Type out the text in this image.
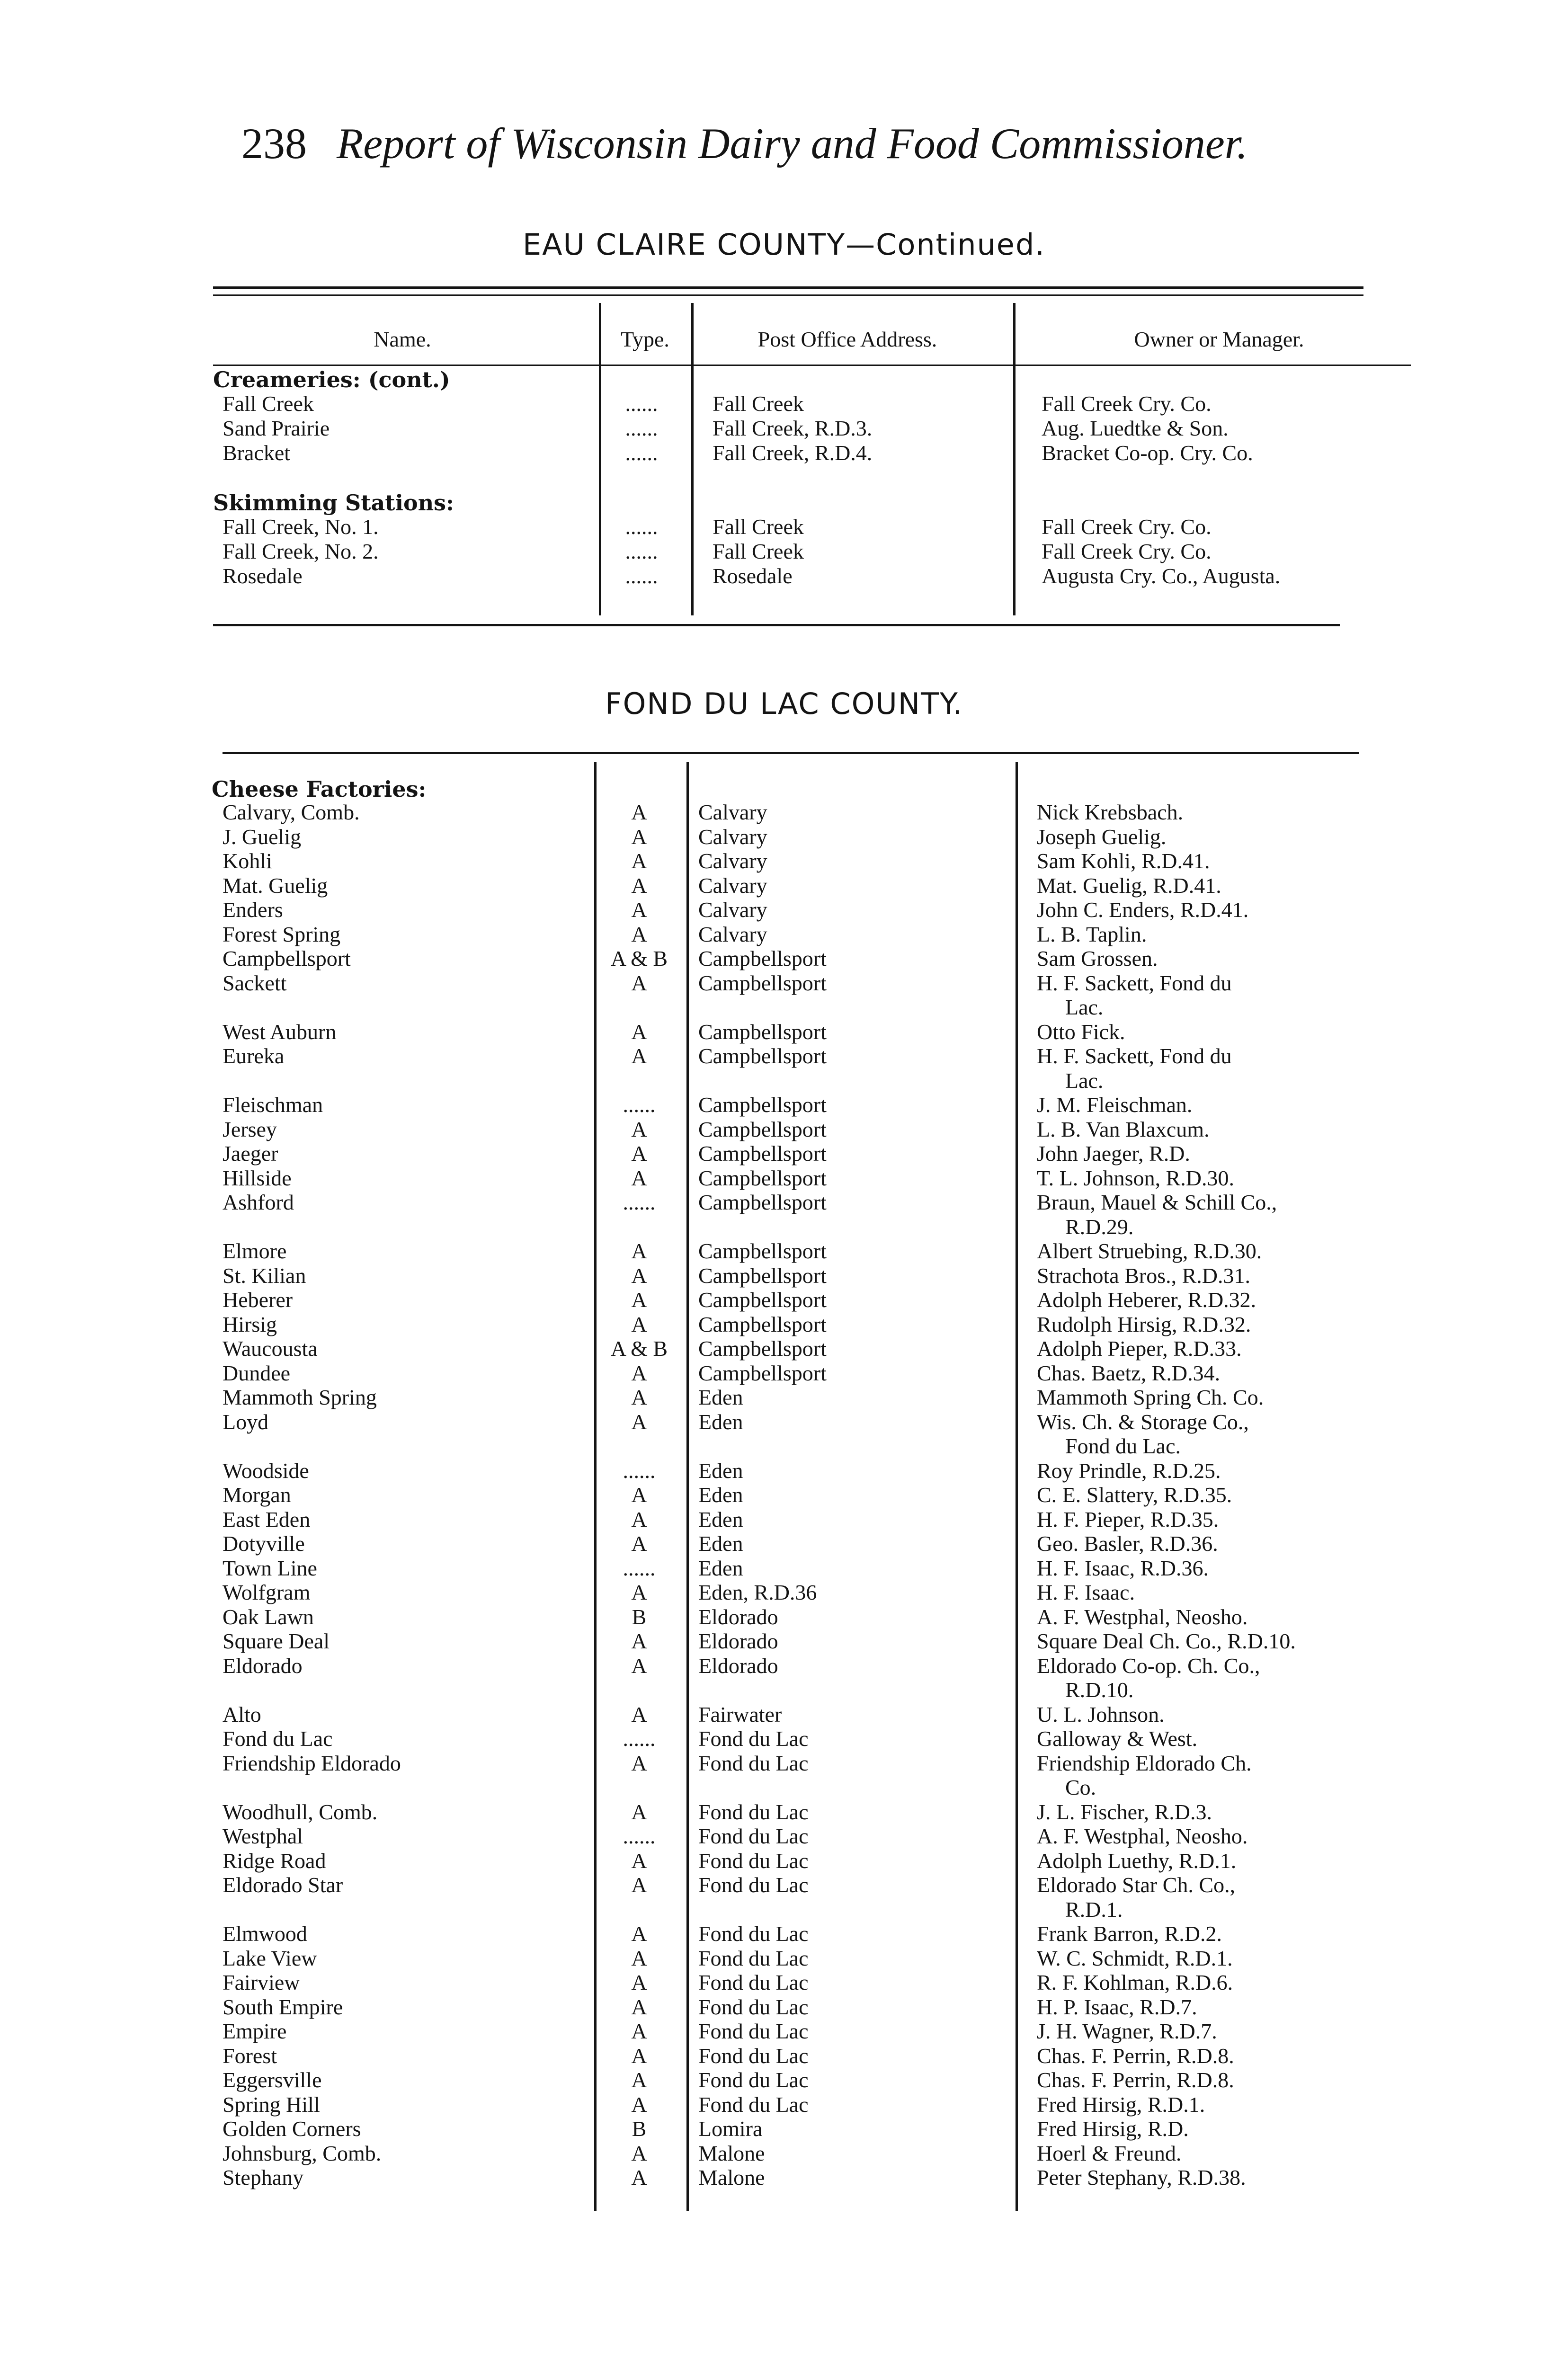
238 Report of Wisconsin Dairy and Food Commissioner.
EAU CLAIRE COUNTY—Continued.
Name.	Type.	Post Office Address.	Owner or Manager.
Creameries: (cont.)
Fall Creek	......	Fall Creek	Fall Creek Cry. Co.
Sand Prairie	......	Fall Creek, R.D.3.	Aug. Luedtke & Son.
Bracket	......	Fall Creek, R.D.4.	Bracket Co-op. Cry. Co.
Skimming Stations:
Fall Creek, No. 1.	......	Fall Creek	Fall Creek Cry. Co.
Fall Creek, No. 2.	......	Fall Creek	Fall Creek Cry. Co.
Rosedale	......	Rosedale	Augusta Cry. Co., Augusta.
FOND DU LAC COUNTY.
Cheese Factories:
Calvary, Comb.	A	Calvary	Nick Krebsbach.
J. Guelig	A	Calvary	Joseph Guelig.
Kohli	A	Calvary	Sam Kohli, R.D.41.
Mat. Guelig	A	Calvary	Mat. Guelig, R.D.41.
Enders	A	Calvary	John C. Enders, R.D.41.
Forest Spring	A	Calvary	L. B. Taplin.
Campbellsport	A & B	Campbellsport	Sam Grossen.
Sackett	A	Campbellsport	H. F. Sackett, Fond du
Lac.
West Auburn	A	Campbellsport	Otto Fick.
Eureka	A	Campbellsport	H. F. Sackett, Fond du
Lac.
Fleischman	......	Campbellsport	J. M. Fleischman.
Jersey	A	Campbellsport	L. B. Van Blaxcum.
Jaeger	A	Campbellsport	John Jaeger, R.D.
Hillside	A	Campbellsport	T. L. Johnson, R.D.30.
Ashford	......	Campbellsport	Braun, Mauel & Schill Co.,
R.D.29.
Elmore	A	Campbellsport	Albert Struebing, R.D.30.
St. Kilian	A	Campbellsport	Strachota Bros., R.D.31.
Heberer	A	Campbellsport	Adolph Heberer, R.D.32.
Hirsig	A	Campbellsport	Rudolph Hirsig, R.D.32.
Waucousta	A & B	Campbellsport	Adolph Pieper, R.D.33.
Dundee	A	Campbellsport	Chas. Baetz, R.D.34.
Mammoth Spring	A	Eden	Mammoth Spring Ch. Co.
Loyd	A	Eden	Wis. Ch. & Storage Co.,
Fond du Lac.
Woodside	......	Eden	Roy Prindle, R.D.25.
Morgan	A	Eden	C. E. Slattery, R.D.35.
East Eden	A	Eden	H. F. Pieper, R.D.35.
Dotyville	A	Eden	Geo. Basler, R.D.36.
Town Line	......	Eden	H. F. Isaac, R.D.36.
Wolfgram	A	Eden, R.D.36	H. F. Isaac.
Oak Lawn	B	Eldorado	A. F. Westphal, Neosho.
Square Deal	A	Eldorado	Square Deal Ch. Co., R.D.10.
Eldorado	A	Eldorado	Eldorado Co-op. Ch. Co.,
R.D.10.
Alto	A	Fairwater	U. L. Johnson.
Fond du Lac	......	Fond du Lac	Galloway & West.
Friendship Eldorado	A	Fond du Lac	Friendship Eldorado Ch.
Co.
Woodhull, Comb.	A	Fond du Lac	J. L. Fischer, R.D.3.
Westphal	......	Fond du Lac	A. F. Westphal, Neosho.
Ridge Road	A	Fond du Lac	Adolph Luethy, R.D.1.
Eldorado Star	A	Fond du Lac	Eldorado Star Ch. Co.,
R.D.1.
Elmwood	A	Fond du Lac	Frank Barron, R.D.2.
Lake View	A	Fond du Lac	W. C. Schmidt, R.D.1.
Fairview	A	Fond du Lac	R. F. Kohlman, R.D.6.
South Empire	A	Fond du Lac	H. P. Isaac, R.D.7.
Empire	A	Fond du Lac	J. H. Wagner, R.D.7.
Forest	A	Fond du Lac	Chas. F. Perrin, R.D.8.
Eggersville	A	Fond du Lac	Chas. F. Perrin, R.D.8.
Spring Hill	A	Fond du Lac	Fred Hirsig, R.D.1.
Golden Corners	B	Lomira	Fred Hirsig, R.D.
Johnsburg, Comb.	A	Malone	Hoerl & Freund.
Stephany	A	Malone	Peter Stephany, R.D.38.
